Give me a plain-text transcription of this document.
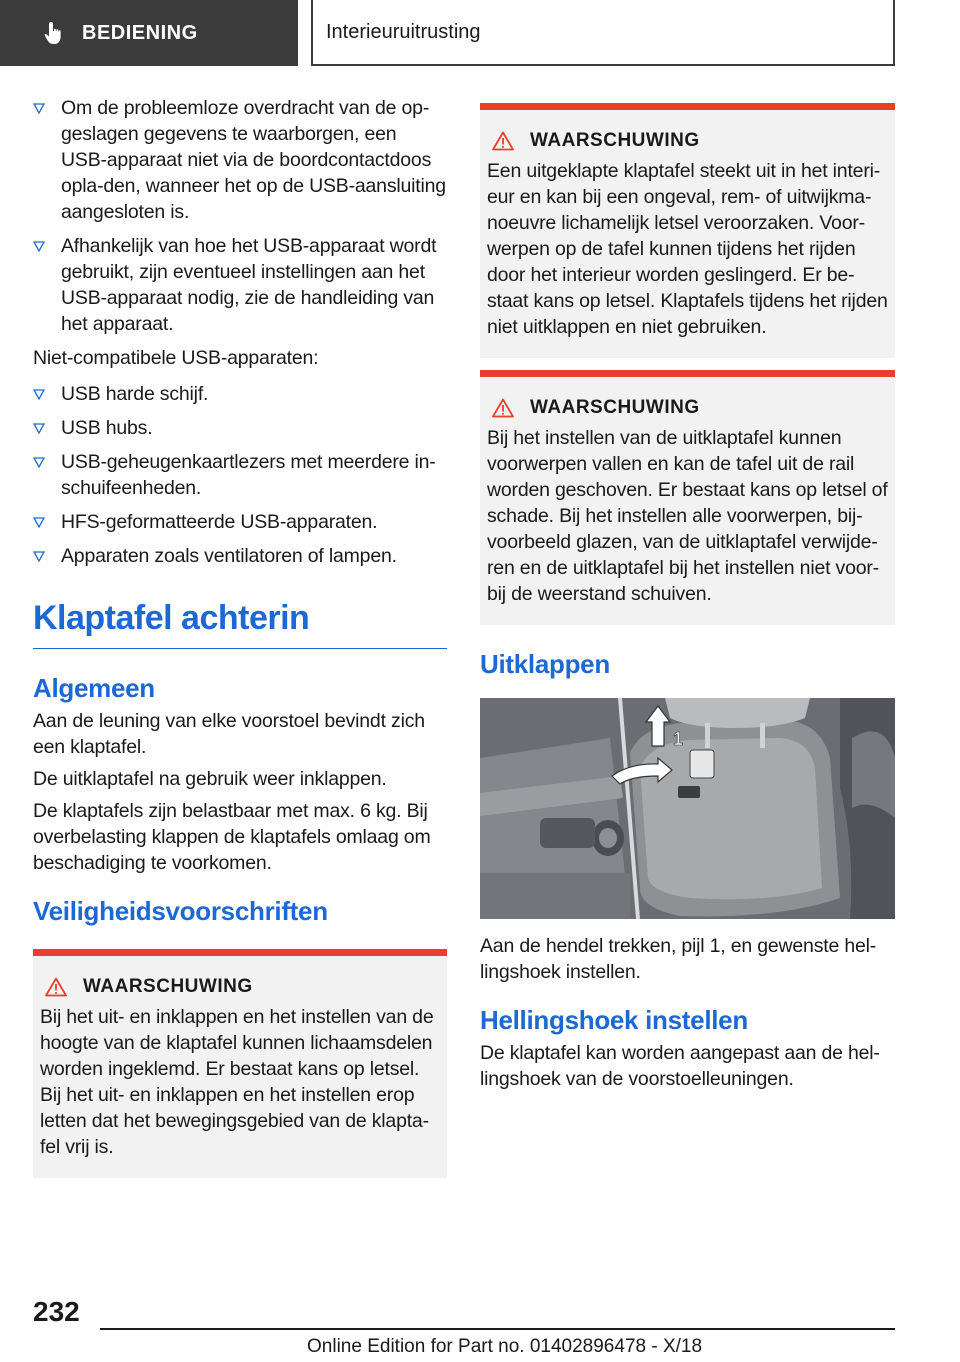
BEDIENING	Interieuruitrusting
Om de probleemloze overdracht van de op-geslagen gegevens te waarborgen, een USB-apparaat niet via de boordcontactdoos opla-den, wanneer het op de USB-aansluiting aangesloten is.
Afhankelijk van hoe het USB-apparaat wordt gebruikt, zijn eventueel instellingen aan het USB-apparaat nodig, zie de handleiding van het apparaat.

Niet-compatibele USB-apparaten:

USB harde schijf.
USB hubs.
USB-geheugenkaartlezers met meerdere in-schuifeenheden.
HFS-geformatteerde USB-apparaten.
Apparaten zoals ventilatoren of lampen.
Klaptafel achterin
Algemeen

Aan de leuning van elke voorstoel bevindt zich een klaptafel.

De uitklaptafel na gebruik weer inklappen.

De klaptafels zijn belastbaar met max. 6 kg. Bij overbelasting klappen de klaptafels omlaag om beschadiging te voorkomen.

Veiligheidsvoorschriften
WAARSCHUWING

Bij het uit- en inklappen en het instellen van de hoogte van de klaptafel kunnen lichaamsdelen worden ingeklemd. Er bestaat kans op letsel. Bij het uit- en inklappen en het instellen erop letten dat het bewegingsgebied van de klapta-fel vrij is.

WAARSCHUWING

Een uitgeklapte klaptafel steekt uit in het interi-eur en kan bij een ongeval, rem- of uitwijkma-noeuvre lichamelijk letsel veroorzaken. Voor-werpen op de tafel kunnen tijdens het rijden door het interieur worden geslingerd. Er be-staat kans op letsel. Klaptafels tijdens het rijden niet uitklappen en niet gebruiken.

WAARSCHUWING

Bij het instellen van de uitklaptafel kunnen voorwerpen vallen en kan de tafel uit de rail worden geschoven. Er bestaat kans op letsel of schade. Bij het instellen alle voorwerpen, bij-voorbeeld glazen, van de uitklaptafel verwijde-ren en de uitklaptafel bij het instellen niet voor-bij de weerstand schuiven.

Uitklappen
1

Aan de hendel trekken, pijl 1, en gewenste hel-lingshoek instellen.

Hellingshoek instellen

De klaptafel kan worden aangepast aan de hel-lingshoek van de voorstoelleuningen.

232
Online Edition for Part no. 01402896478 - X/18
